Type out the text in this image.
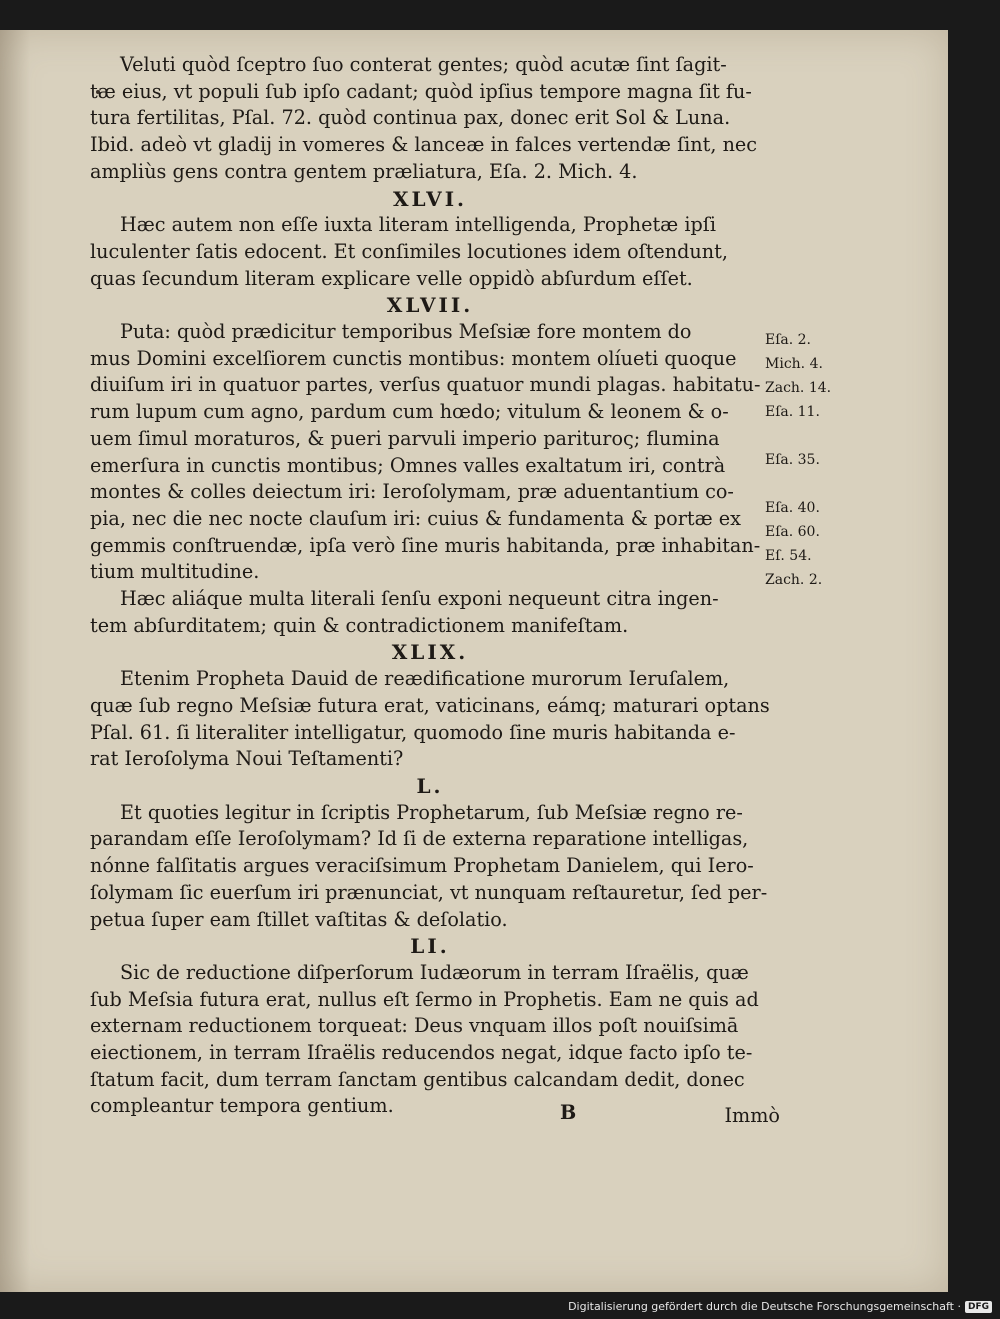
Veluti quòd ſceptro ſuo conterat gentes; quòd acutæ ſint ſagit-
tæ eius, vt populi ſub ipſo cadant; quòd ipſius tempore magna ſit fu-
tura fertilitas, Pſal. 72. quòd continua pax, donec erit Sol & Luna.
Ibid. adeò vt gladij in vomeres & lanceæ in falces vertendæ ſint, nec
ampliùs gens contra gentem præliatura, Eſa. 2. Mich. 4.
XLVI.
Hæc autem non eſſe iuxta literam intelligenda, Prophetæ ipſi
luculenter ſatis edocent. Et conſimiles locutiones idem oſtendunt,
quas ſecundum literam explicare velle oppidò abſurdum eſſet.
XLVII.
Puta: quòd prædicitur temporibus Meſsiæ fore montem do
mus Domini excelſiorem cunctis montibus: montem olíueti quoque
diuiſum iri in quatuor partes, verſus quatuor mundi plagas. habitatu-
rum lupum cum agno, pardum cum hœdo; vitulum & leonem & o-
uem ſimul moraturos, & pueri parvuli imperio pariturος; flumina
emerſura in cunctis montibus; Omnes valles exaltatum iri, contrà
montes & colles deiectum iri: Ieroſolymam, præ aduentantium co-
pia, nec die nec nocte clauſum iri: cuius & fundamenta & portæ ex
gemmis conſtruendæ, ipſa verò ſine muris habitanda, præ inhabitan-
tium multitudine.
Hæc aliáque multa literali ſenſu exponi nequeunt citra ingen-
tem abſurditatem; quin & contradictionem manifeſtam.
XLIX.
Etenim Propheta Dauid de reædificatione murorum Ieruſalem,
quæ ſub regno Meſsiæ futura erat, vaticinans, eámq; maturari optans
Pſal. 61. ſi literaliter intelligatur, quomodo ſine muris habitanda e-
rat Ieroſolyma Noui Teſtamenti?
L.
Et quoties legitur in ſcriptis Prophetarum, ſub Meſsiæ regno re-
parandam eſſe Ieroſolymam? Id ſi de externa reparatione intelligas,
nónne falſitatis argues veraciſsimum Prophetam Danielem, qui Iero-
ſolymam ſic euerſum iri prænunciat, vt nunquam reſtauretur, ſed per-
petua ſuper eam ſtillet vaſtitas & deſolatio.
LI.
Sic de reductione diſperſorum Iudæorum in terram Iſraëlis, quæ
ſub Meſsia futura erat, nullus eſt ſermo in Prophetis. Eam ne quis ad
externam reductionem torqueat: Deus vnquam illos poſt nouiſsimā
eiectionem, in terram Iſraëlis reducendos negat, idque facto ipſo te-
ſtatum facit, dum terram ſanctam gentibus calcandam dedit, donec
compleantur tempora gentium.
Eſa. 2.
Mich. 4.
Zach. 14.
Eſa. 11.

Eſa. 35.

Eſa. 40.
Eſa. 60.
Eſ. 54.
Zach. 2.
B	Immò
Digitalisierung gefördert durch die Deutsche Forschungsgemeinschaft · DFG
